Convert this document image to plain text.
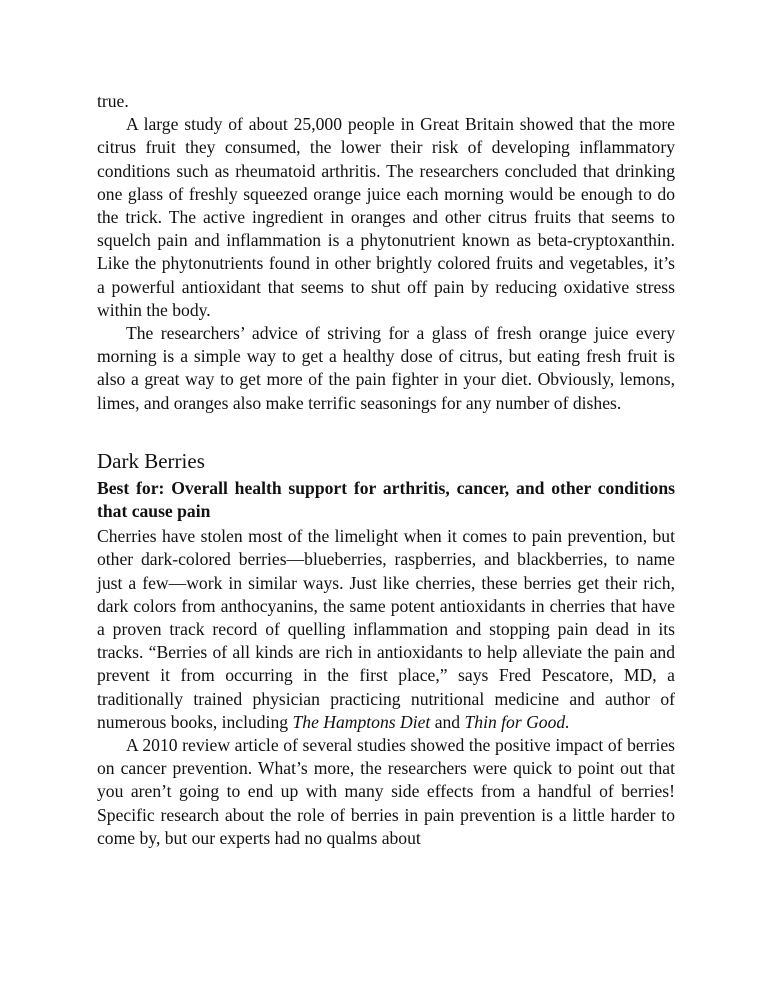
true.

A large study of about 25,000 people in Great Britain showed that the more citrus fruit they consumed, the lower their risk of developing inflammatory conditions such as rheumatoid arthritis. The researchers concluded that drinking one glass of freshly squeezed orange juice each morning would be enough to do the trick. The active ingredient in oranges and other citrus fruits that seems to squelch pain and inflammation is a phytonutrient known as beta-cryptoxanthin. Like the phytonutrients found in other brightly colored fruits and vegetables, it’s a powerful antioxidant that seems to shut off pain by reducing oxidative stress within the body.

The researchers’ advice of striving for a glass of fresh orange juice every morning is a simple way to get a healthy dose of citrus, but eating fresh fruit is also a great way to get more of the pain fighter in your diet. Obviously, lemons, limes, and oranges also make terrific seasonings for any number of dishes.

Dark Berries

Best for: Overall health support for arthritis, cancer, and other conditions that cause pain

Cherries have stolen most of the limelight when it comes to pain prevention, but other dark-colored berries—blueberries, raspberries, and blackberries, to name just a few—work in similar ways. Just like cherries, these berries get their rich, dark colors from anthocyanins, the same potent antioxidants in cherries that have a proven track record of quelling inflammation and stopping pain dead in its tracks. “Berries of all kinds are rich in antioxidants to help alleviate the pain and prevent it from occurring in the first place,” says Fred Pescatore, MD, a traditionally trained physician practicing nutritional medicine and author of numerous books, including The Hamptons Diet and Thin for Good.

A 2010 review article of several studies showed the positive impact of berries on cancer prevention. What’s more, the researchers were quick to point out that you aren’t going to end up with many side effects from a handful of berries! Specific research about the role of berries in pain prevention is a little harder to come by, but our experts had no qualms about
